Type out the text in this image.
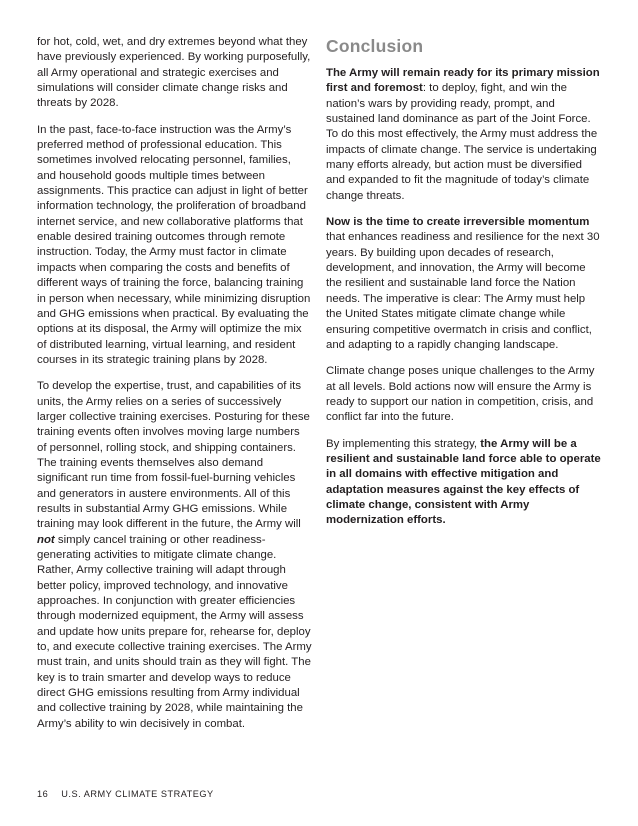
for hot, cold, wet, and dry extremes beyond what they have previously experienced. By working purposefully, all Army operational and strategic exercises and simulations will consider climate change risks and threats by 2028.

In the past, face-to-face instruction was the Army’s preferred method of professional education. This sometimes involved relocating personnel, families, and household goods multiple times between assignments. This practice can adjust in light of better information technology, the proliferation of broadband internet service, and new collaborative platforms that enable desired training outcomes through remote instruction. Today, the Army must factor in climate impacts when comparing the costs and benefits of different ways of training the force, balancing training in person when necessary, while minimizing disruption and GHG emissions when practical. By evaluating the options at its disposal, the Army will optimize the mix of distributed learning, virtual learning, and resident courses in its strategic training plans by 2028.

To develop the expertise, trust, and capabilities of its units, the Army relies on a series of successively larger collective training exercises. Posturing for these training events often involves moving large numbers of personnel, rolling stock, and shipping containers. The training events themselves also demand significant run time from fossil-fuel-burning vehicles and generators in austere environments. All of this results in substantial Army GHG emissions. While training may look different in the future, the Army will not simply cancel training or other readiness-generating activities to mitigate climate change. Rather, Army collective training will adapt through better policy, improved technology, and innovative approaches. In conjunction with greater efficiencies through modernized equipment, the Army will assess and update how units prepare for, rehearse for, deploy to, and execute collective training exercises. The Army must train, and units should train as they will fight. The key is to train smarter and develop ways to reduce direct GHG emissions resulting from Army individual and collective training by 2028, while maintaining the Army’s ability to win decisively in combat.

Conclusion

The Army will remain ready for its primary mission first and foremost: to deploy, fight, and win the nation’s wars by providing ready, prompt, and sustained land dominance as part of the Joint Force. To do this most effectively, the Army must address the impacts of climate change. The service is undertaking many efforts already, but action must be diversified and expanded to fit the magnitude of today’s climate change threats.

Now is the time to create irreversible momentum that enhances readiness and resilience for the next 30 years. By building upon decades of research, development, and innovation, the Army will become the resilient and sustainable land force the Nation needs. The imperative is clear: The Army must help the United States mitigate climate change while ensuring competitive overmatch in crisis and conflict, and adapting to a rapidly changing landscape.

Climate change poses unique challenges to the Army at all levels. Bold actions now will ensure the Army is ready to support our nation in competition, crisis, and conflict far into the future.

By implementing this strategy, the Army will be a resilient and sustainable land force able to operate in all domains with effective mitigation and adaptation measures against the key effects of climate change, consistent with Army modernization efforts.

16 U.S. ARMY CLIMATE STRATEGY
